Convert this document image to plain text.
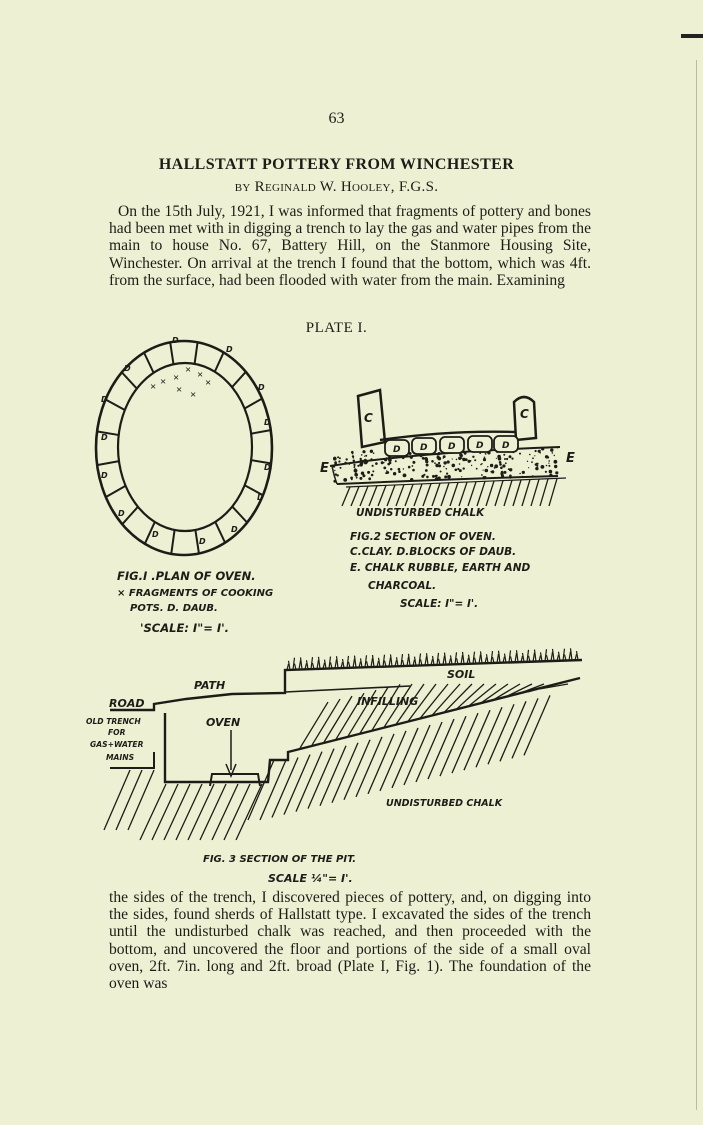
63
HALLSTATT POTTERY FROM WINCHESTER
by Reginald W. Hooley, F.G.S.

On the 15th July, 1921, I was informed that fragments of pottery and bones had been met with in digging a trench to lay the gas and water pipes from the main to house No. 67, Battery Hill, on the Stanmore Housing Site, Winchester. On arrival at the trench I found that the bottom, which was 4ft. from the surface, had been flooded with water from the main. Examining

PLATE I.
D
D
D
D
D
D
D
D
D
D
D
D
D
D
× ×
× ×
×
× ×
×
FIG.I .PLAN OF OVEN.
× FRAGMENTS OF COOKING
POTS. D. DAUB.
'SCALE: I"= I'.
D D D D D
C	C
E
E
UNDISTURBED CHALK
FIG.2 SECTION OF OVEN.
C.CLAY. D.BLOCKS OF DAUB.
E. CHALK RUBBLE, EARTH AND
CHARCOAL.
SCALE: I"= I'.
SOIL
PATH
ROAD
OLD TRENCH
FOR
GAS+WATER
MAINS
OVEN
INFILLING
UNDISTURBED CHALK
FIG. 3 SECTION OF THE PIT.
SCALE ¼"= I'.

the sides of the trench, I discovered pieces of pottery, and, on digging into the sides, found sherds of Hallstatt type. I excavated the sides of the trench until the undisturbed chalk was reached, and then proceeded with the bottom, and uncovered the floor and portions of the side of a small oval oven, 2ft. 7in. long and 2ft. broad (Plate I, Fig. 1). The foundation of the oven was
